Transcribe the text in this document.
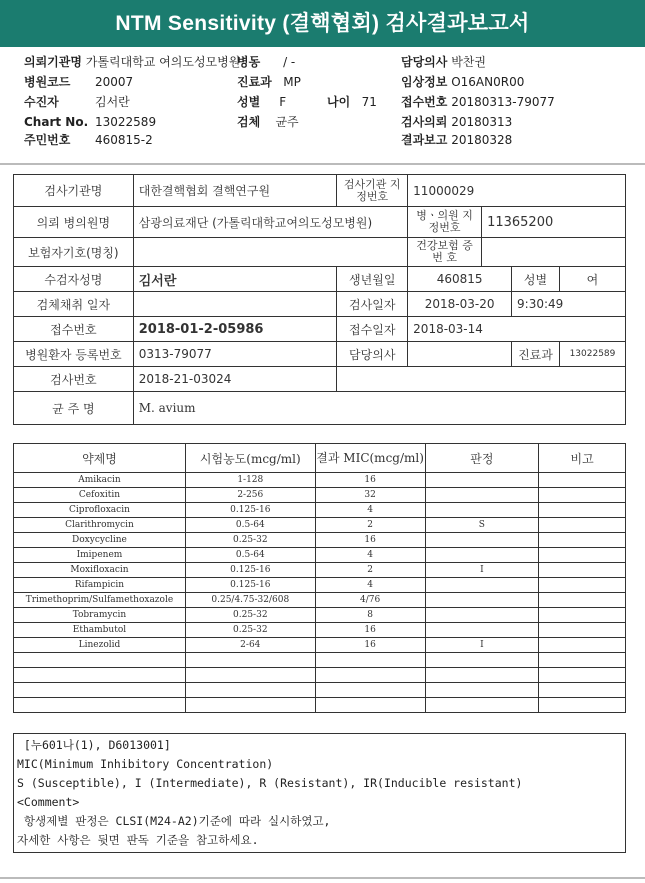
NTM Sensitivity (결핵협회) 검사결과보고서
의뢰기관명 가톨릭대학교 여의도성모병원
병동 / -	담당의사 박찬권
병원코드 20007	진료과 MP	임상정보 O16AN0R00
수진자	김서란	성별 F	나이 71 접수번호 20180313-79077
Chart No. 13022589	검체 균주	검사의뢰 20180313
주민번호 460815-2	결과보고 20180328
검사기관명	대한결핵협회 결핵연구원	검사기관 지정번호	11000029			
의뢰 병의원명	삼광의료재단 (가톨릭대학교여의도성모병원)		병ㆍ의원 지정번호	11365200		
보험자기호(명칭)			건강보험 증 번 호			
수검자성명	김서란	생년월일	460815		성별	여
검체채취 일자		검사일자	2018-03-20		9:30:49	
접수번호	2018-01-2-05986	접수일자	2018-03-14			
병원환자 등록번호	0313-79077	담당의사			진료과	13022589
검사번호	2018-21-03024					
균 주 명	M. avium					
약제명	시험농도(mcg/ml)	결과 MIC(mcg/ml)	판정	비고
Amikacin	1-128	16		
Cefoxitin	2-256	32		
Ciprofloxacin	0.125-16	4		
Clarithromycin	0.5-64	2	S	
Doxycycline	0.25-32	16		
Imipenem	0.5-64	4		
Moxifloxacin	0.125-16	2	I	
Rifampicin	0.125-16	4		
Trimethoprim/Sulfamethoxazole	0.25/4.75-32/608	4/76		
Tobramycin	0.25-32	8		
Ethambutol	0.25-32	16		
Linezolid	2-64	16	I	

[누601나(1), D6013001]
MIC(Minimum Inhibitory Concentration)
S (Susceptible), I (Intermediate), R (Resistant), IR(Inducible resistant)
<Comment>
항생제별 판정은 CLSI(M24-A2)기준에 따라 실시하였고,
자세한 사항은 뒷면 판독 기준을 참고하세요.
